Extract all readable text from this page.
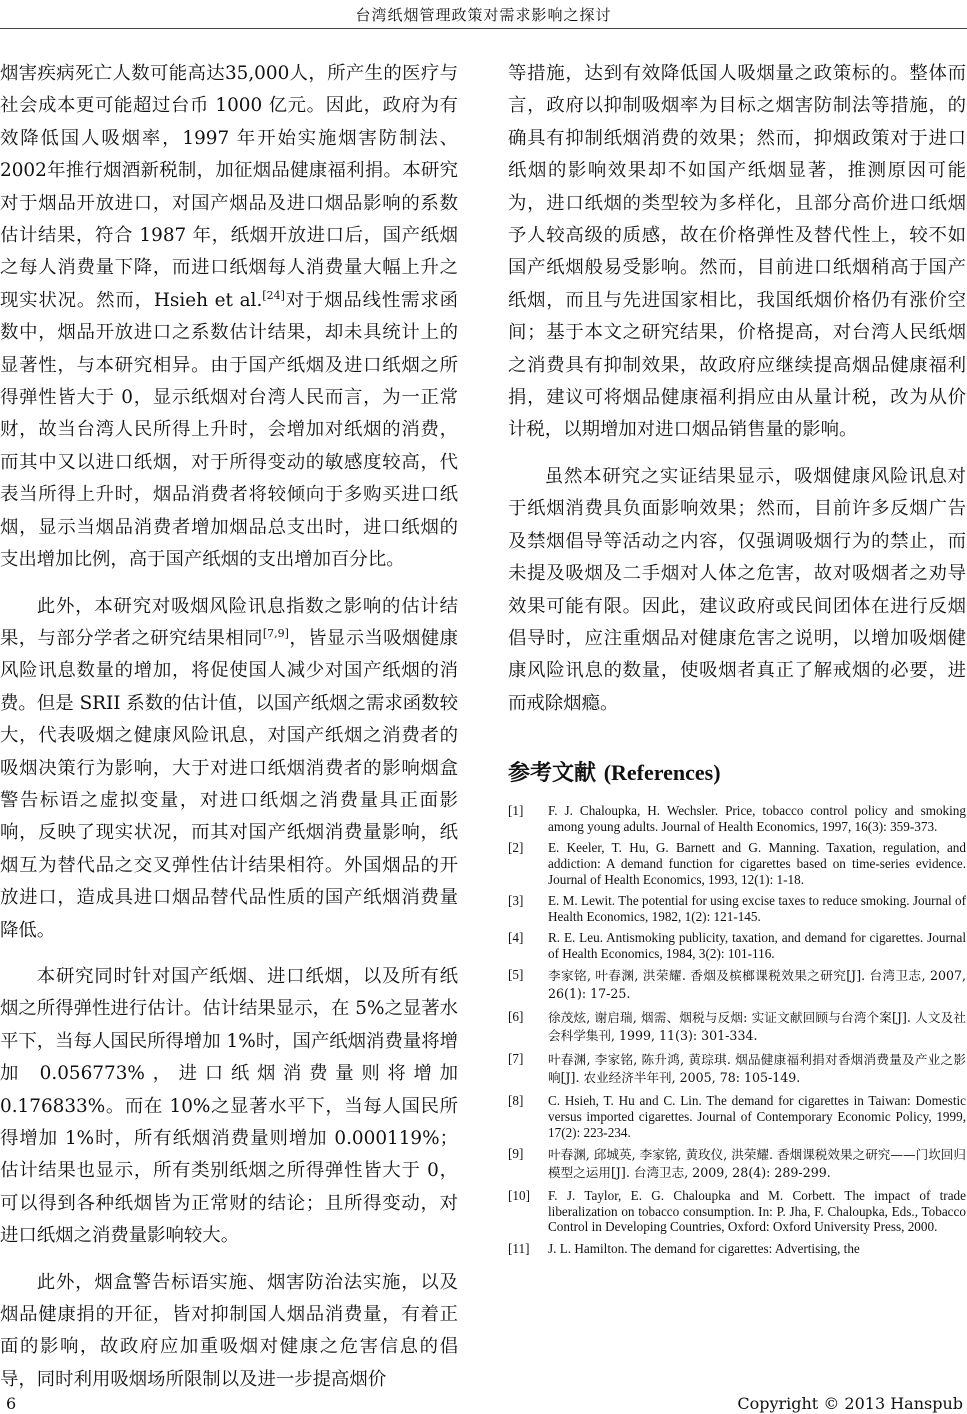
台湾纸烟管理政策对需求影响之探讨

烟害疾病死亡人数可能高达35,000人，所产生的医疗与社会成本更可能超过台币 1000 亿元。因此，政府为有效降低国人吸烟率，1997 年开始实施烟害防制法、2002年推行烟酒新税制，加征烟品健康福利捐。本研究对于烟品开放进口，对国产烟品及进口烟品影响的系数估计结果，符合 1987 年，纸烟开放进口后，国产纸烟之每人消费量下降，而进口纸烟每人消费量大幅上升之现实状况。然而，Hsieh et al.[24]对于烟品线性需求函数中，烟品开放进口之系数估计结果，却未具统计上的显著性，与本研究相异。由于国产纸烟及进口纸烟之所得弹性皆大于 0，显示纸烟对台湾人民而言，为一正常财，故当台湾人民所得上升时，会增加对纸烟的消费，而其中又以进口纸烟，对于所得变动的敏感度较高，代表当所得上升时，烟品消费者将较倾向于多购买进口纸烟，显示当烟品消费者增加烟品总支出时，进口纸烟的支出增加比例，高于国产纸烟的支出增加百分比。

此外，本研究对吸烟风险讯息指数之影响的估计结果，与部分学者之研究结果相同[7,9]，皆显示当吸烟健康风险讯息数量的增加，将促使国人减少对国产纸烟的消费。但是 SRII 系数的估计值，以国产纸烟之需求函数较大，代表吸烟之健康风险讯息，对国产纸烟之消费者的吸烟决策行为影响，大于对进口纸烟消费者的影响烟盒警告标语之虚拟变量，对进口纸烟之消费量具正面影响，反映了现实状况，而其对国产纸烟消费量影响，纸烟互为替代品之交叉弹性估计结果相符。外国烟品的开放进口，造成具进口烟品替代品性质的国产纸烟消费量降低。

本研究同时针对国产纸烟、进口纸烟，以及所有纸烟之所得弹性进行估计。估计结果显示，在 5%之显著水平下，当每人国民所得增加 1%时，国产纸烟消费量将增加 0.056773%，进口纸烟消费量则将增加 0.176833%。而在 10%之显著水平下，当每人国民所得增加 1%时，所有纸烟消费量则增加 0.000119%；估计结果也显示，所有类别纸烟之所得弹性皆大于 0，可以得到各种纸烟皆为正常财的结论；且所得变动，对进口纸烟之消费量影响较大。

此外，烟盒警告标语实施、烟害防治法实施，以及烟品健康捐的开征，皆对抑制国人烟品消费量，有着正面的影响，故政府应加重吸烟对健康之危害信息的倡导，同时利用吸烟场所限制以及进一步提高烟价

等措施，达到有效降低国人吸烟量之政策标的。整体而言，政府以抑制吸烟率为目标之烟害防制法等措施，的确具有抑制纸烟消费的效果；然而，抑烟政策对于进口纸烟的影响效果却不如国产纸烟显著，推测原因可能为，进口纸烟的类型较为多样化，且部分高价进口纸烟予人较高级的质感，故在价格弹性及替代性上，较不如国产纸烟般易受影响。然而，目前进口纸烟稍高于国产纸烟，而且与先进国家相比，我国纸烟价格仍有涨价空间；基于本文之研究结果，价格提高，对台湾人民纸烟之消费具有抑制效果，故政府应继续提高烟品健康福利捐，建议可将烟品健康福利捐应由从量计税，改为从价计税，以期增加对进口烟品销售量的影响。

虽然本研究之实证结果显示，吸烟健康风险讯息对于纸烟消费具负面影响效果；然而，目前许多反烟广告及禁烟倡导等活动之内容，仅强调吸烟行为的禁止，而未提及吸烟及二手烟对人体之危害，故对吸烟者之劝导效果可能有限。因此，建议政府或民间团体在进行反烟倡导时，应注重烟品对健康危害之说明，以增加吸烟健康风险讯息的数量，使吸烟者真正了解戒烟的必要，进而戒除烟瘾。

参考文献 (References)
[1]	F. J. Chaloupka, H. Wechsler. Price, tobacco control policy and smoking among young adults. Journal of Health Economics, 1997, 16(3): 359-373.
[2]	E. Keeler, T. Hu, G. Barnett and G. Manning. Taxation, regulation, and addiction: A demand function for cigarettes based on time-series evidence. Journal of Health Economics, 1993, 12(1): 1-18.
[3]	E. M. Lewit. The potential for using excise taxes to reduce smoking. Journal of Health Economics, 1982, 1(2): 121-145.
[4]	R. E. Leu. Antismoking publicity, taxation, and demand for cigarettes. Journal of Health Economics, 1984, 3(2): 101-116.
[5]	李家铭, 叶春渊, 洪荣耀. 香烟及槟榔课税效果之研究[J]. 台湾卫志, 2007, 26(1): 17-25.
[6]	徐茂炫, 谢启瑞, 烟需、烟税与反烟: 实证文献回顾与台湾个案[J]. 人文及社会科学集刊, 1999, 11(3): 301-334.
[7]	叶春渊, 李家铭, 陈升鸿, 黄琮琪. 烟品健康福利捐对香烟消费量及产业之影响[J]. 农业经济半年刊, 2005, 78: 105-149.
[8]	C. Hsieh, T. Hu and C. Lin. The demand for cigarettes in Taiwan: Domestic versus imported cigarettes. Journal of Contemporary Economic Policy, 1999, 17(2): 223-234.
[9]	叶春渊, 邱城英, 李家铭, 黄玫仪, 洪荣耀. 香烟课税效果之研究——门坎回归模型之运用[J]. 台湾卫志, 2009, 28(4): 289-299.
[10]	F. J. Taylor, E. G. Chaloupka and M. Corbett. The impact of trade liberalization on tobacco consumption. In: P. Jha, F. Chaloupka, Eds., Tobacco Control in Developing Countries, Oxford: Oxford University Press, 2000.
[11]	J. L. Hamilton. The demand for cigarettes: Advertising, the
6	Copyright © 2013 Hanspub
